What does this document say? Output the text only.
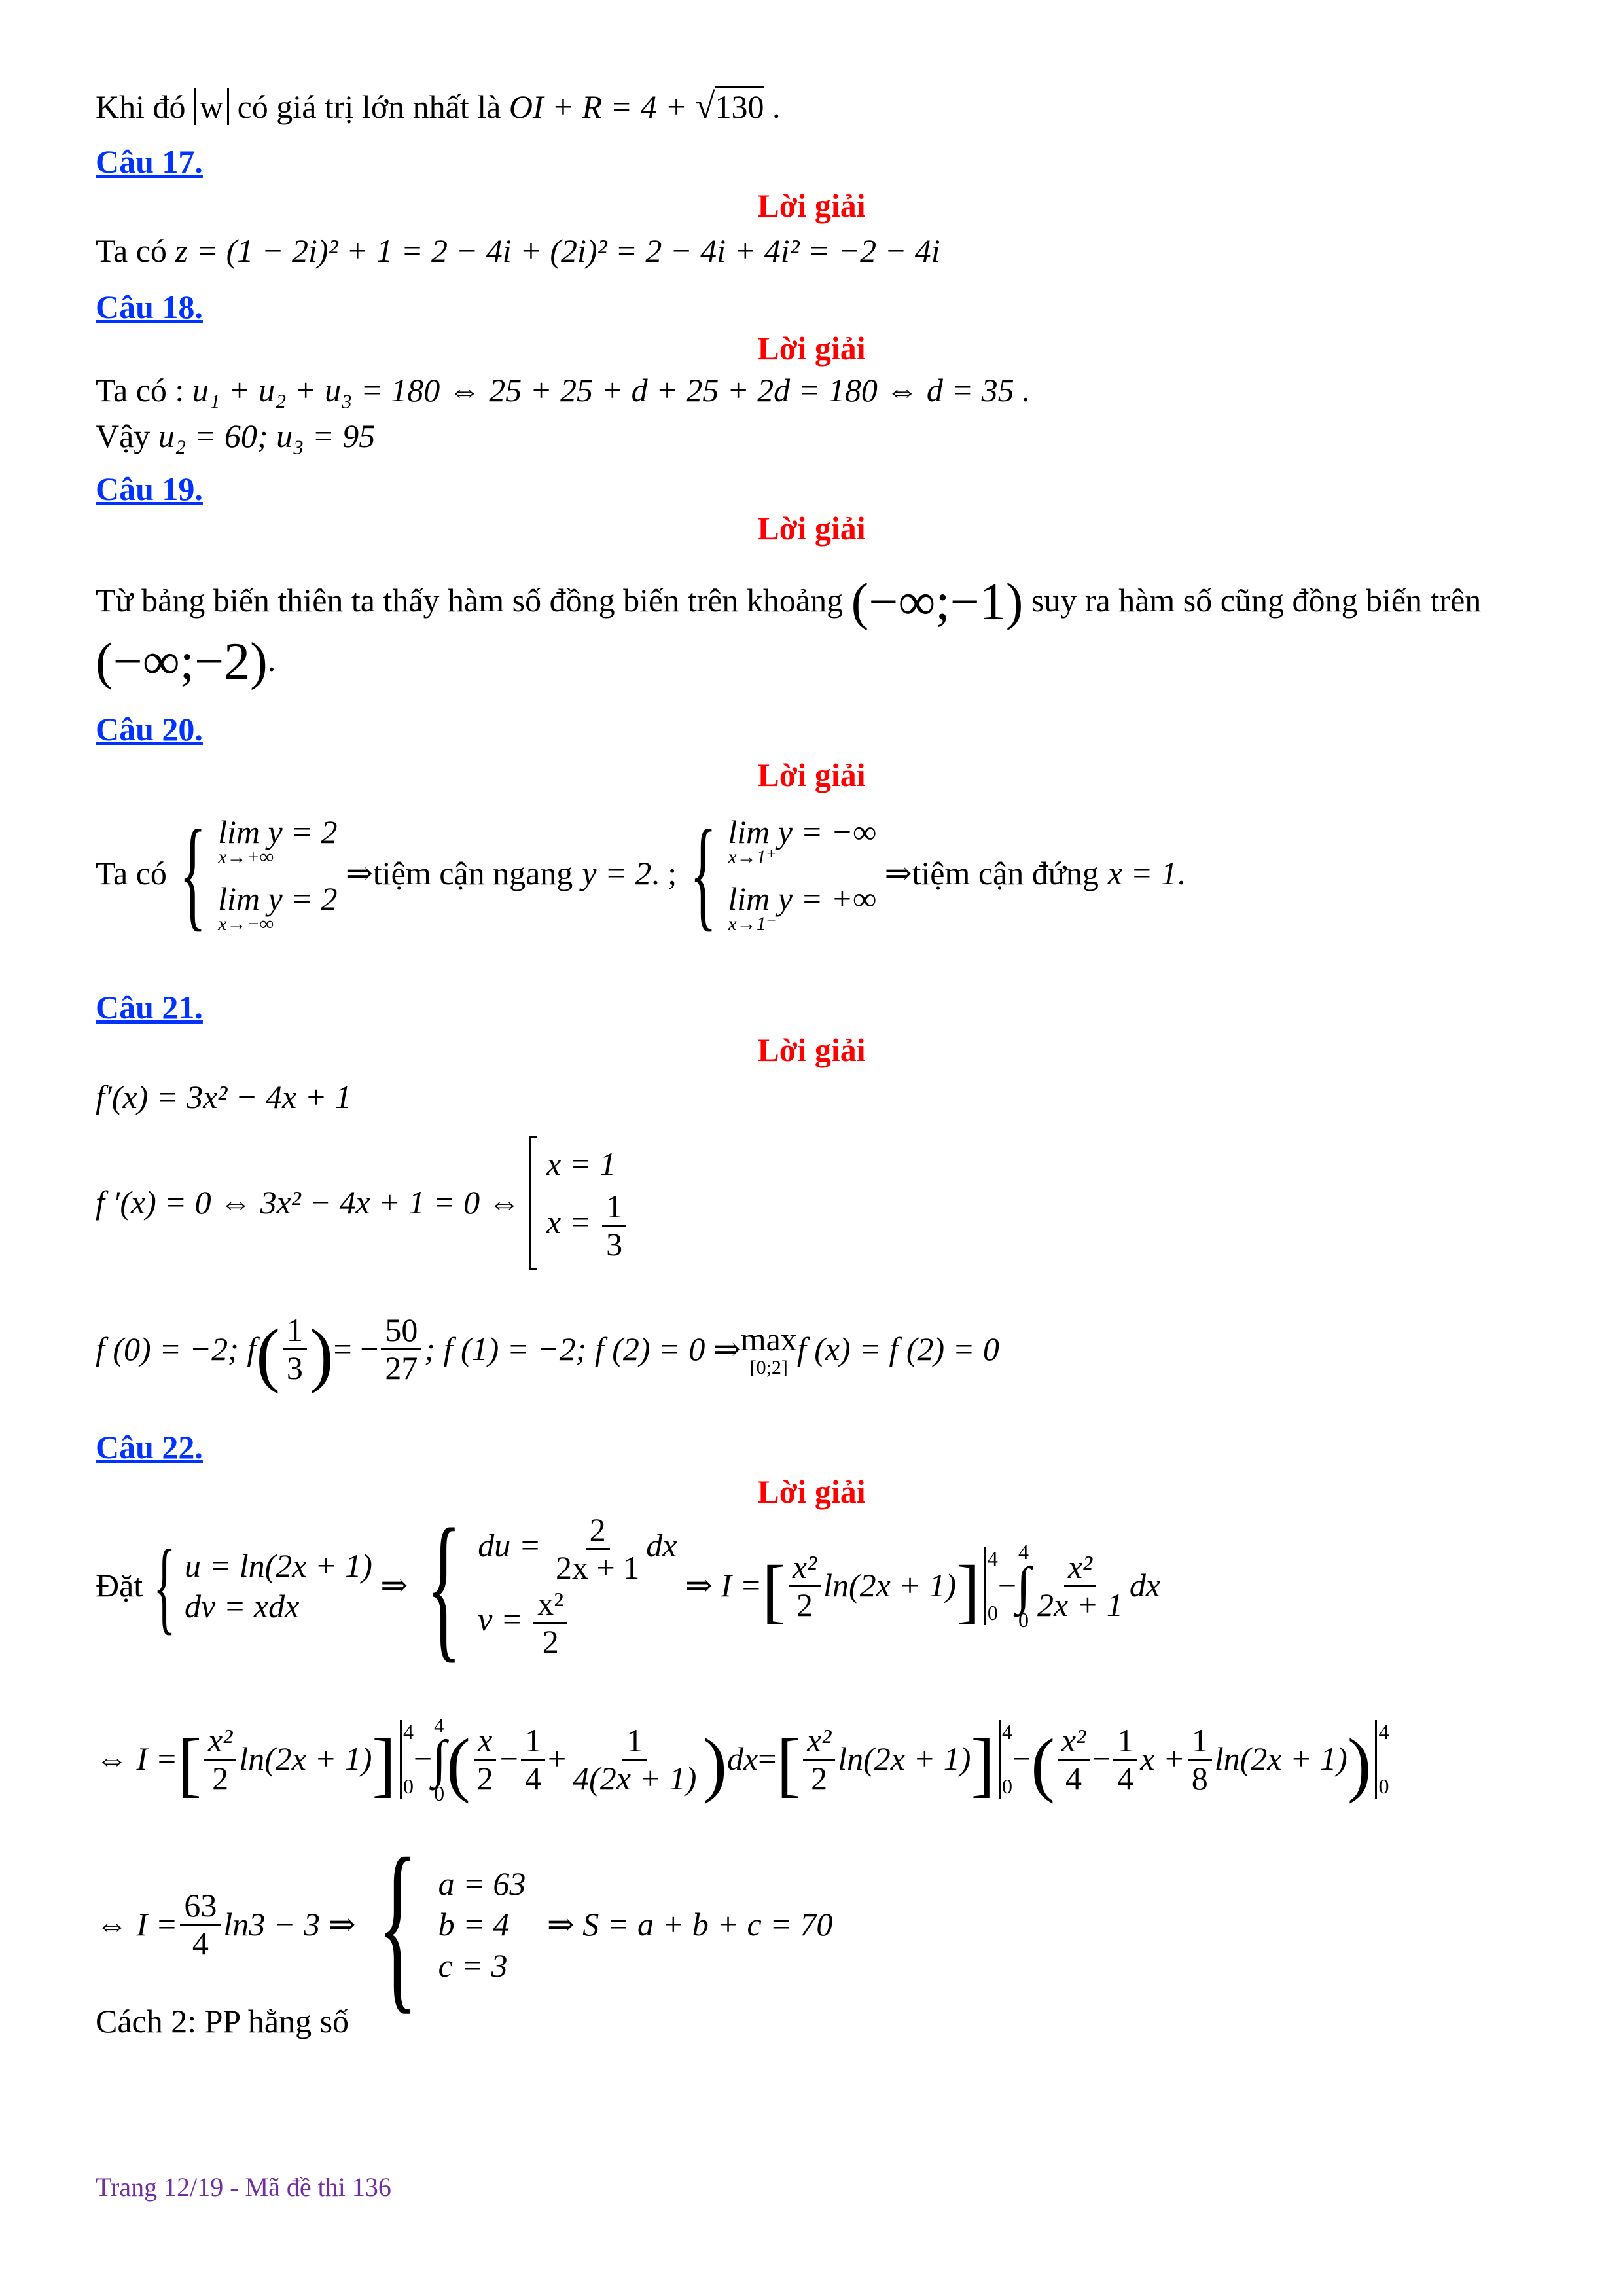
Khi đó w có giá trị lớn nhất là OI + R = 4 + √130 .
Câu 17.
Lời giải
Ta có z = (1 − 2i)² + 1 = 2 − 4i + (2i)² = 2 − 4i + 4i² = −2 − 4i
Câu 18.
Lời giải
Ta có : u₁ + u₂ + u₃ = 180 ⇔ 25 + 25 + d + 25 + 2d = 180 ⇔ d = 35 .
Vậy u₂ = 60; u₃ = 95
Câu 19.
Lời giải
Từ bảng biến thiên ta thấy hàm số đồng biến trên khoảng (−∞;−1) suy ra hàm số cũng đồng biến trên
(−∞;−2).
Câu 20.
Lời giải
Ta có { lim y = 2
x→+∞
lim y = 2
x→−∞
⇒tiệm cận ngangy = 2. ; { lim y = −∞
x→1⁺
lim y = +∞
x→1⁻
⇒tiệm cận đứngx = 1.
Câu 21.
Lời giải
f′(x) = 3x² − 4x + 1
f ′(x) = 0 ⇔ 3x² − 4x + 1 = 0 ⇔
x = 1
$x = \frac{1}{3}$
f (0) = −2; $f( \frac{1}{3}$ )= − $\frac{50}{27}$ ; f (1) = −2; f (2) = 0 ⇒ max
[0;2]
f (x) = f (2) = 0
Câu 22.
Lời giải
Đặt { u = ln(2x + 1)
dv = xdx
⇒ { du = $\frac{2}{2x + 1}$ dx
$v = \frac{\text{x²}}{2}$
⇒ I =[ $\frac{\text{x²}}{2} \ln(2x + 1)$] 4
0
−
4
∫
$0 \frac{\text{x²}}{2x + 1}$ dx
⇔ I =[ $\frac{\text{x²}}{2} \ln(2x + 1)$] 4
0
−
4
∫
0 ( $\frac{x}{2} - \frac{1}{4} + \frac{1}{4(2x + 1)} )dx=[ \frac{\text{x²}}{2} \ln(2x + 1)]$ 4
0
−( $\frac{\text{x²}}{4} - \frac{1}{4}$ $x + \frac{1}{8} \ln(2x + 1)$) 4
0
⇔ $I = \frac{63}{4} \ln 3 - 3$ ⇒ { a = 63
b = 4
c = 3
⇒ S = a + b + c = 70
Cách 2: PP hằng số
Trang 12/19 - Mã đề thi 136
